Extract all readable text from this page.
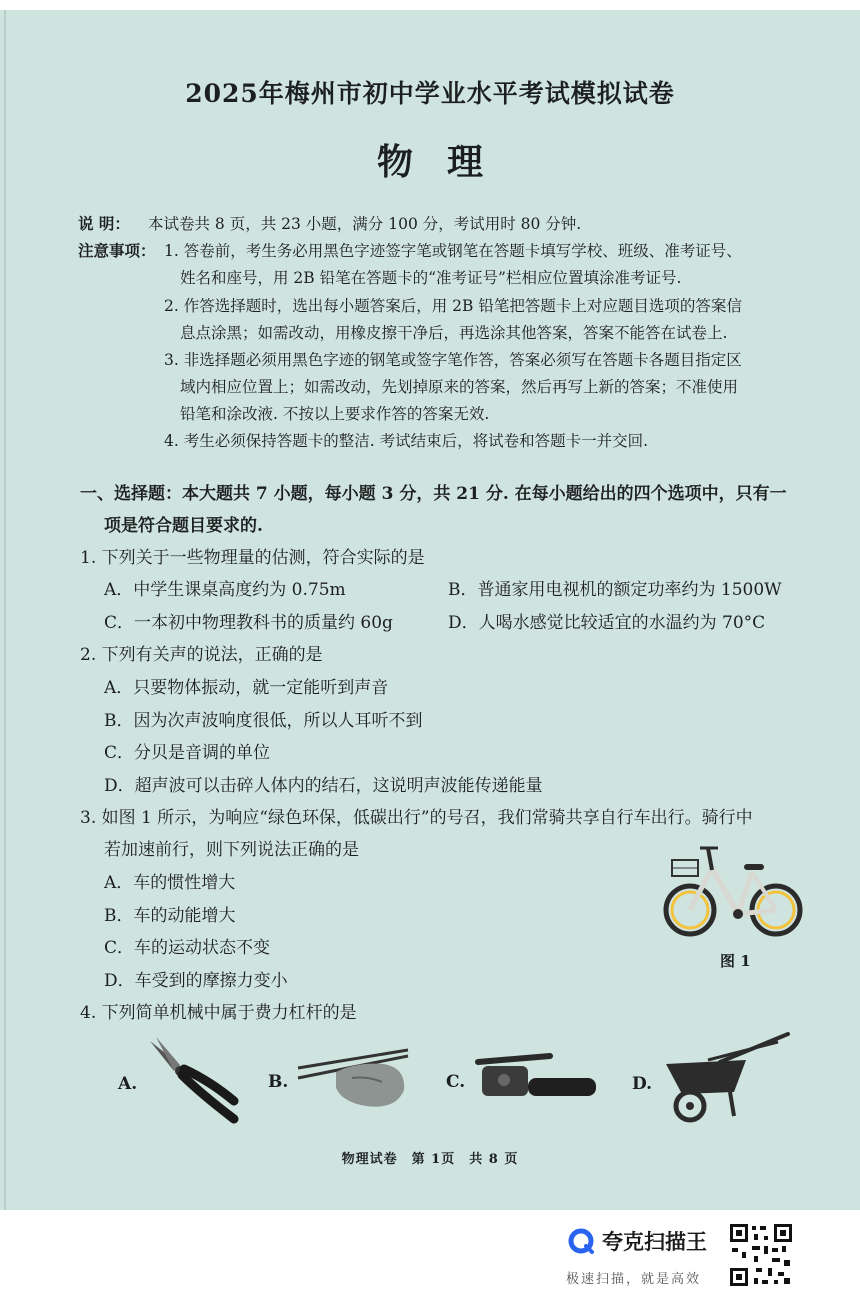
2025年梅州市初中学业水平考试模拟试卷
物理
说 明： 本试卷共 8 页，共 23 小题，满分 100 分，考试用时 80 分钟.
注意事项： 1. 答卷前，考生务必用黑色字迹签字笔或钢笔在答题卡填写学校、班级、准考证号、
姓名和座号，用 2B 铅笔在答题卡的“准考证号”栏相应位置填涂准考证号.
2. 作答选择题时，选出每小题答案后，用 2B 铅笔把答题卡上对应题目选项的答案信
息点涂黑；如需改动，用橡皮擦干净后，再选涂其他答案，答案不能答在试卷上.
3. 非选择题必须用黑色字迹的钢笔或签字笔作答，答案必须写在答题卡各题目指定区
域内相应位置上；如需改动，先划掉原来的答案，然后再写上新的答案；不准使用
铅笔和涂改液. 不按以上要求作答的答案无效.
4. 考生必须保持答题卡的整洁. 考试结束后，将试卷和答题卡一并交回.
一、选择题：本大题共 7 小题，每小题 3 分，共 21 分. 在每小题给出的四个选项中，只有一
项是符合题目要求的.
1. 下列关于一些物理量的估测，符合实际的是
A．中学生课桌高度约为 0.75m	B．普通家用电视机的额定功率约为 1500W
C．一本初中物理教科书的质量约 60g	D．人喝水感觉比较适宜的水温约为 70°C
2. 下列有关声的说法，正确的是
A．只要物体振动，就一定能听到声音
B．因为次声波响度很低，所以人耳听不到
C．分贝是音调的单位
D．超声波可以击碎人体内的结石，这说明声波能传递能量
3. 如图 1 所示，为响应“绿色环保，低碳出行”的号召，我们常骑共享自行车出行。骑行中
若加速前行，则下列说法正确的是
A．车的惯性增大
B．车的动能增大
C．车的运动状态不变
D．车受到的摩擦力变小
图 1
4. 下列简单机械中属于费力杠杆的是
A.	B.	C.	D.
物理试卷　第 1页　共 8 页
夸克扫描王
极速扫描，就是高效
